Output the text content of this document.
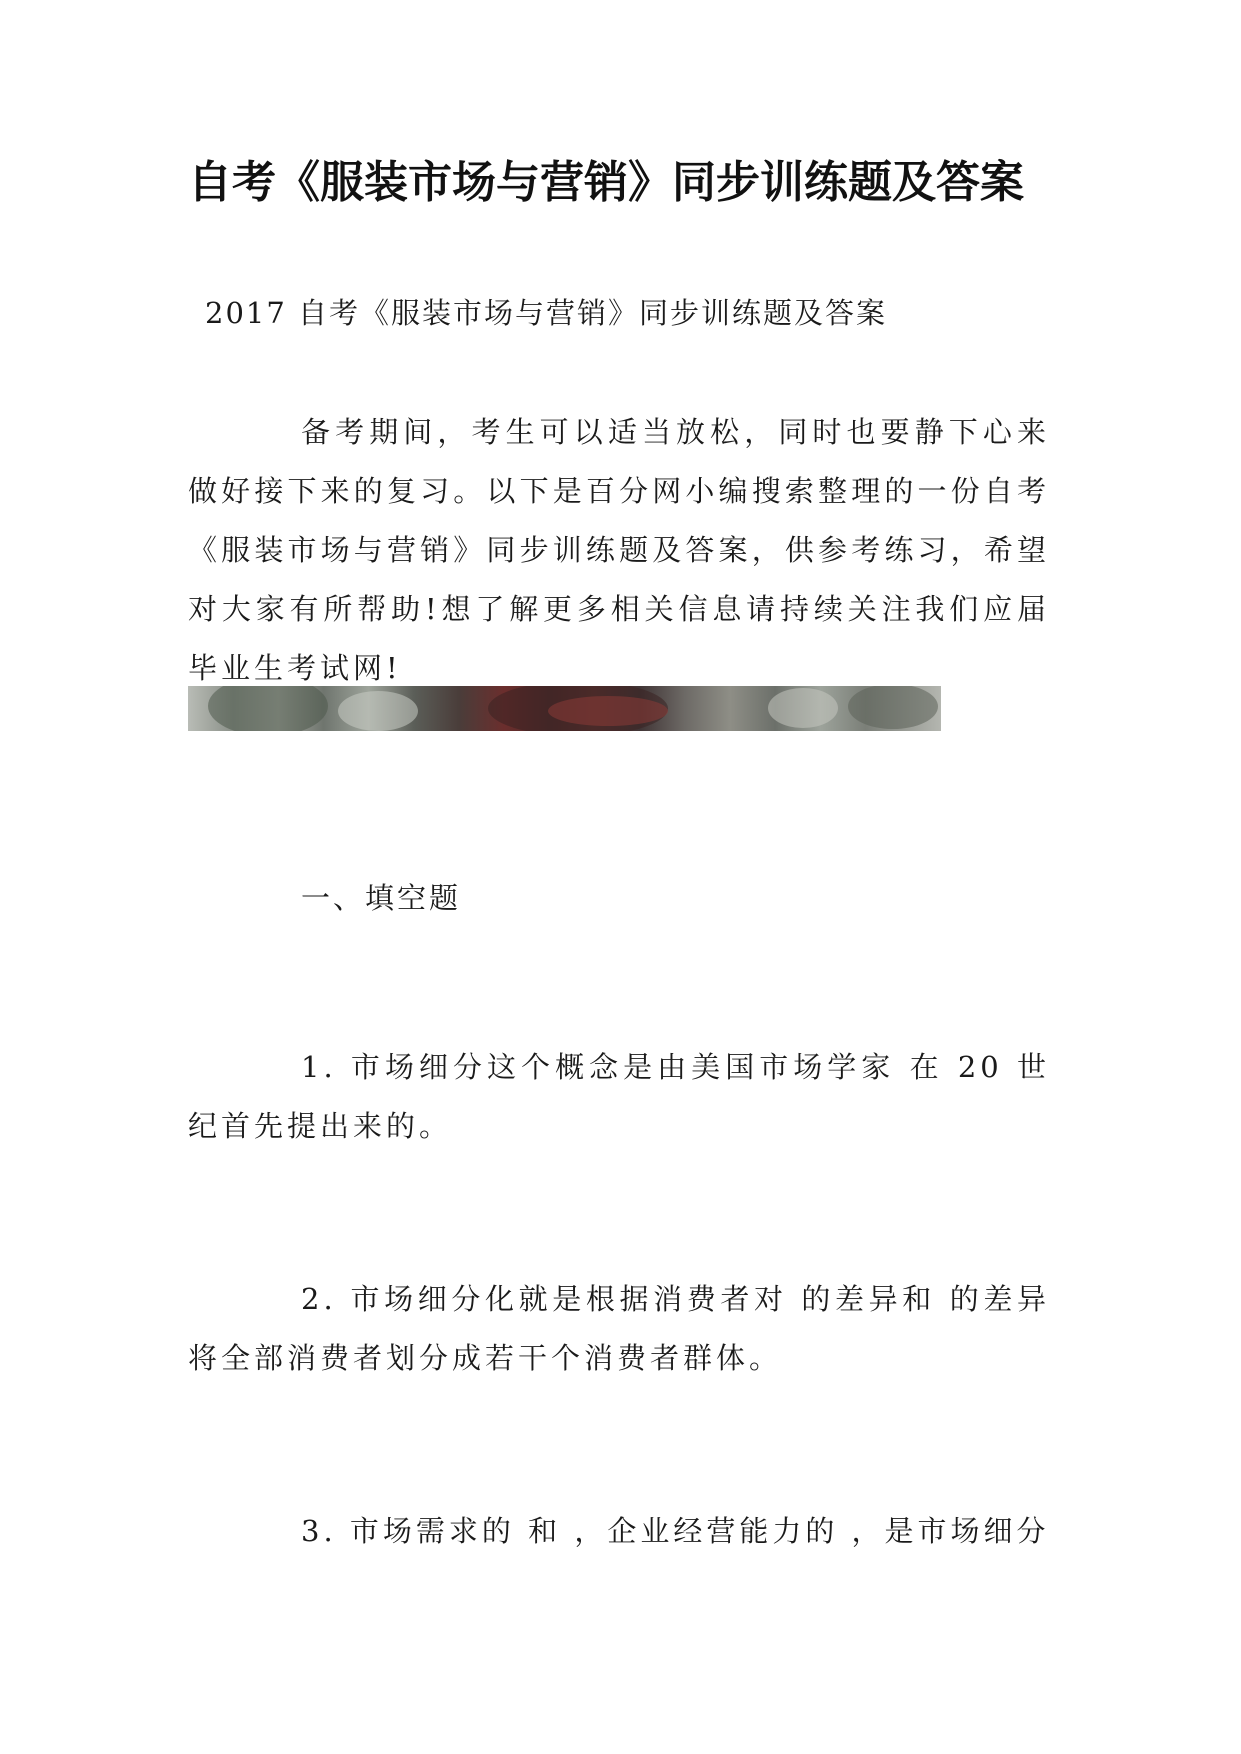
自考《服装市场与营销》同步训练题及答案

2017 自考《服装市场与营销》同步训练题及答案

备考期间，考生可以适当放松，同时也要静下心来做好接下来的复习。以下是百分网小编搜索整理的一份自考《服装市场与营销》同步训练题及答案，供参考练习，希望对大家有所帮助!想了解更多相关信息请持续关注我们应届毕业生考试网!

一、填空题

1. 市场细分这个概念是由美国市场学家 在 20 世纪首先提出来的。

2. 市场细分化就是根据消费者对 的差异和 的差异将全部消费者划分成若干个消费者群体。

3. 市场需求的 和 ，企业经营能力的 ，是市场细分
